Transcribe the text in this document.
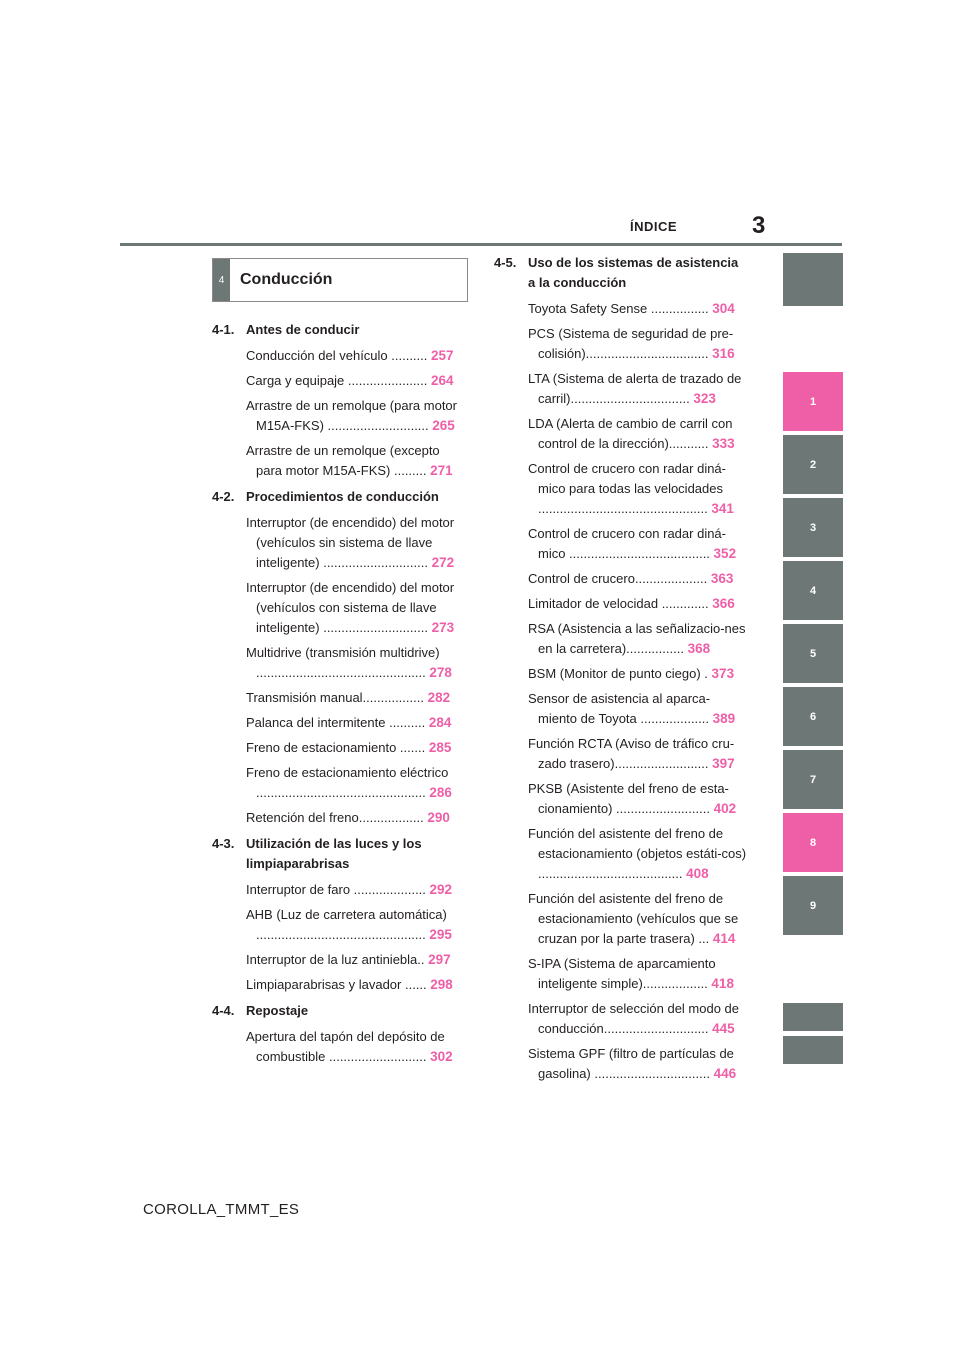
3
ÍNDICE
1
2
3
4
5
6
7
8
9
4 Conducción
4-1. Antes de conducir
Conducción del vehículo .......... 257
Carga y equipaje ...................... 264
Arrastre de un remolque (para motor M15A-FKS) ............................ 265
Arrastre de un remolque (excepto para motor M15A-FKS) ......... 271
4-2. Procedimientos de conducción
Interruptor (de encendido) del motor (vehículos sin sistema de llave inteligente) ............................. 272
Interruptor (de encendido) del motor (vehículos con sistema de llave inteligente) ............................. 273
Multidrive (transmisión multidrive) ............................................... 278
Transmisión manual................. 282
Palanca del intermitente .......... 284
Freno de estacionamiento ....... 285
Freno de estacionamiento eléctrico ............................................... 286
Retención del freno.................. 290
4-3. Utilización de las luces y los limpiaparabrisas
Interruptor de faro .................... 292
AHB (Luz de carretera automática) ............................................... 295
Interruptor de la luz antiniebla.. 297
Limpiaparabrisas y lavador ...... 298
4-4. Repostaje
Apertura del tapón del depósito de combustible ........................... 302
4-5. Uso de los sistemas de asistencia a la conducción
Toyota Safety Sense ................ 304
PCS (Sistema de seguridad de pre-colisión).................................. 316
LTA (Sistema de alerta de trazado de carril)................................. 323
LDA (Alerta de cambio de carril con control de la dirección)........... 333
Control de crucero con radar diná-mico para todas las velocidades ............................................... 341
Control de crucero con radar diná-mico ....................................... 352
Control de crucero.................... 363
Limitador de velocidad ............. 366
RSA (Asistencia a las señalizacio-nes en la carretera)................ 368
BSM (Monitor de punto ciego) . 373
Sensor de asistencia al aparca-miento de Toyota ................... 389
Función RCTA (Aviso de tráfico cru-zado trasero).......................... 397
PKSB (Asistente del freno de esta-cionamiento) .......................... 402
Función del asistente del freno de estacionamiento (objetos estáti-cos) ........................................ 408
Función del asistente del freno de estacionamiento (vehículos que se cruzan por la parte trasera) ... 414
S-IPA (Sistema de aparcamiento inteligente simple).................. 418
Interruptor de selección del modo de conducción............................. 445
Sistema GPF (filtro de partículas de gasolina) ................................ 446
COROLLA_TMMT_ES
